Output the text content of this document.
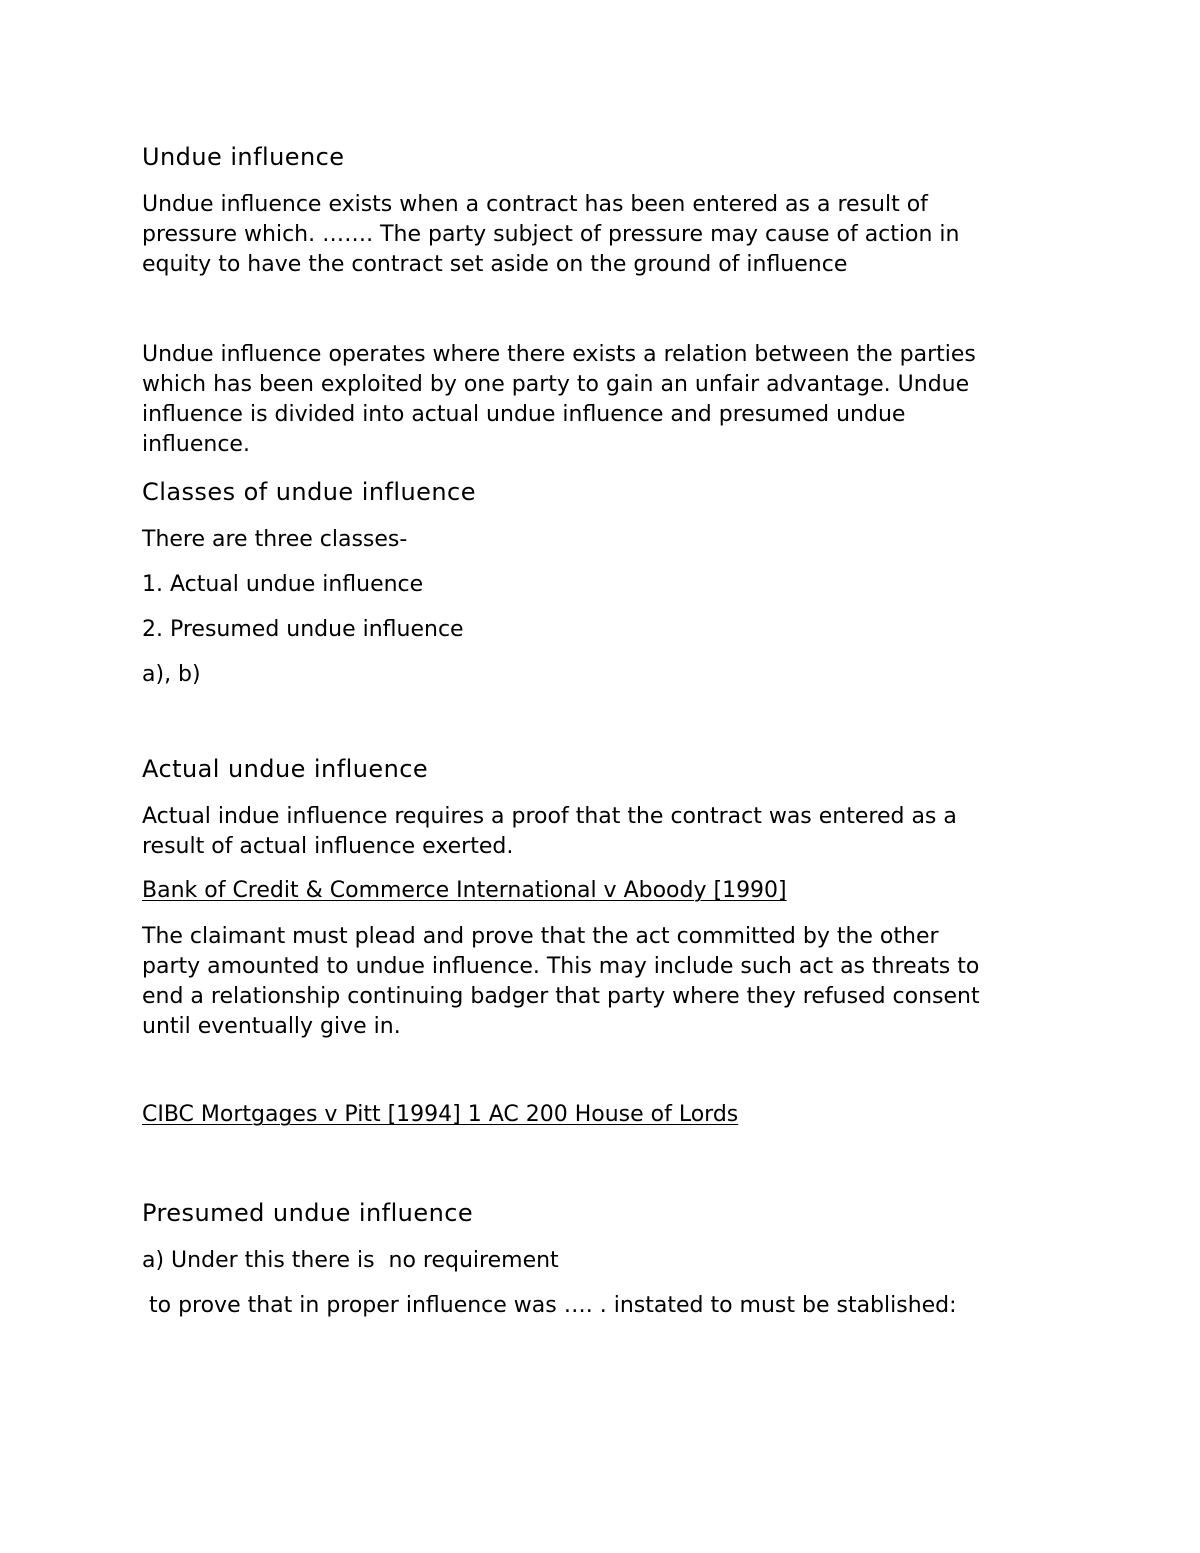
Undue influence
Undue influence exists when a contract has been entered as a result of
pressure which. ……. The party subject of pressure may cause of action in
equity to have the contract set aside on the ground of influence
Undue influence operates where there exists a relation between the parties
which has been exploited by one party to gain an unfair advantage. Undue
influence is divided into actual undue influence and presumed undue
influence.
Classes of undue influence
There are three classes-
1. Actual undue influence
2. Presumed undue influence
a), b)
Actual undue influence
Actual indue influence requires a proof that the contract was entered as a
result of actual influence exerted.
Bank of Credit & Commerce International v Aboody [1990]
The claimant must plead and prove that the act committed by the other
party amounted to undue influence. This may include such act as threats to
end a relationship continuing badger that party where they refused consent
until eventually give in.
CIBC Mortgages v Pitt [1994] 1 AC 200 House of Lords
Presumed undue influence
a) Under this there is  no requirement
to prove that in proper influence was …. . instated to must be stablished:
